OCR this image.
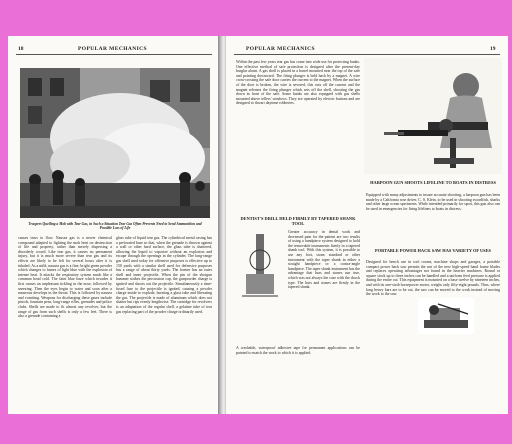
18	POPULAR MECHANICS

Troopers Quelling a Mob with Tear Gas, in Such a Situation Tear Gas Often Prevents Need to Send Ammunition and Possible Loss of Life

causes tears to flow. Nausea gas is a newer chemical compound adapted to fighting the mob bent on destruction of life and property, rather than merely dispersing a disorderly crowd. Like tear gas, it causes no permanent injury, but it is much more severe than tear gas and its effects are likely to be felt for several hours after it is inhaled. As a mild, nausea gas is a fine, bright green powder which changes to fumes of light blue with the explosion of intense heat. It attacks the respiratory system much like a common head cold. The faint blue haze which invades it first causes an unpleasant tickling in the nose, followed by sneezing. Then the eyes begin to water and soon after a nauseous develops in the throat. This is followed by nausea and vomiting. Weapons for discharging these gases include pistols, fountain pens, long-range rifles, grenades and police clubs. Shells are made to fit almost any revolver, but the range of gas from such shells is only a few feet. There is also a grenade containing a

glass tube of liquid tear gas. The cylindrical metal casing has a perforated base so that, when the grenade is thrown against a wall or other hard surface, the glass tube is shattered, allowing the liquid to vaporize without an explosion and escape through the openings in the cylinder. The long-range gas shell used today for offensive purposes is effective up to 150 yards with a similar shell used for defensive purposes has a range of about thirty yards. The former has an outer shell and inner projectile. When the pin of the shotgun hammer strikes the percussion cap, the gunpowder charge is ignited and shoots out the projectile. Simultaneously a time-fused fuse to the projectile is ignited, causing a powder charge inside to explode, bursting a glass tube and liberating the gas. The projectile is made of aluminum which does not shatter but rips evenly lengthwise. The cartridge for revolvers is an adaptation of the regular shell, a gelatine tube of tear gas replacing part of the powder charge ordinarily used.

POPULAR MECHANICS	19

Within the past few years tear gas has come into wide use for protecting banks. One effective method of safe protection is designed after the present-day burglar alarm. A gas shell is placed in a barrel mounted near the top of the safe and pointing downward. The firing plunger is held back by a magnet. A wire cross-crossing the safe door carries the current to the magnet. When the surface of the door is broken, the wire is severed, this cuts off the current and the magnet releases the firing plunger which sets off the shell, shooting the gas down in front of the safe. Some banks are also equipped with gas shells mounted above tellers' windows. They are operated by electric buttons and are designed to thwart daytime robberies.

HARPOON GUN SHOOTS LIFELINE TO BOATS IN DISTRESS

Equipped with many adjustments to insure accurate shooting, a harpoon gun has been made by a California rose driver, C. S. Klein, to be used in shooting swordfish, sharks and other large ocean specimens. While intended primarily for sport, this gun also can be used in emergencies for firing lifelines to boats in distress.

DENTIST'S DRILL HELD FIRMLY BY TAPERED SHANK TOOL

Greater accuracy in dental work and decreased pain for the patient are two results of using a handpiece system designed to hold the removable instruments firmly in a tapered shank tool. With this system, it is possible to use any foot, stone, standard or other instrument with the taper shank in either a straight handpiece or a contra-angle handpiece. The taper shank instrument has the advantage that burs and stones run true, which was not always the case with the chuck type. The burs and stones are firmly in the tapered shank.

PORTABLE POWER HACK SAW HAS VARIETY OF USES

Designed for bench use in tool rooms, machine shops and garages, a portable compact power hack saw permits the use of the new high-speed hand frame blades and replaces operating advantages not found in the heavier machines. Round or square stock up to three inches can be handled and a uniform feed pressure is applied during the entire cut. This equipment is mounted on a base twelve by nineteen inches, and with its one-sixth horsepower motor, weighs only fifty-eight pounds. Thus, where long heavy bars are to be cut, the saw can be moved to the work instead of moving the work to the saw.

A washable, waterproof adhesive tape for permanent applications can be painted to match the work to which it is applied.
